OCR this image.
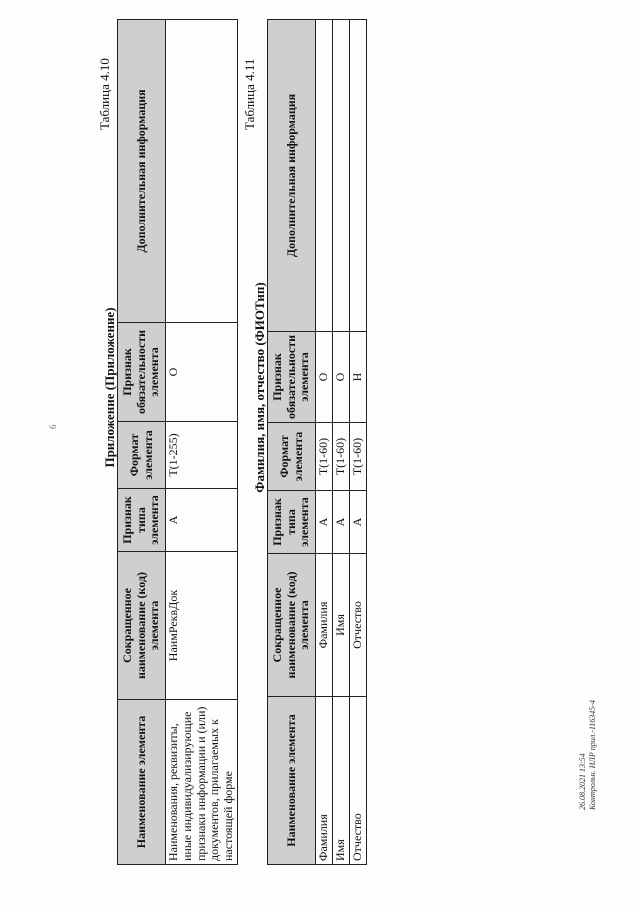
Таблица 4.10
Приложение (Приложение)
Наименование элемента	Сокращенное наименование (код) элемента	Признак типа элемента	Формат элемента	Признак обязательности элемента	Дополнительная информация
Наименования, реквизиты, иные индивидуализирующие признаки информации и (или) документов, прилагаемых к настоящей форме	НаимРеквДок	А	T(1-255)	О	
Таблица 4.11
Фамилия, имя, отчество (ФИОТип)
Наименование элемента	Сокращенное наименование (код) элемента	Признак типа элемента	Формат элемента	Признак обязательности элемента	Дополнительная информация
Фамилия	Фамилия	А	T(1-60)	О	
Имя	Имя	А	T(1-60)	О	
Отчество	Отчество	А	T(1-60)	Н	
6
26.08.2021 13:54 Контрольн. ИЛР прил.-116345-4
